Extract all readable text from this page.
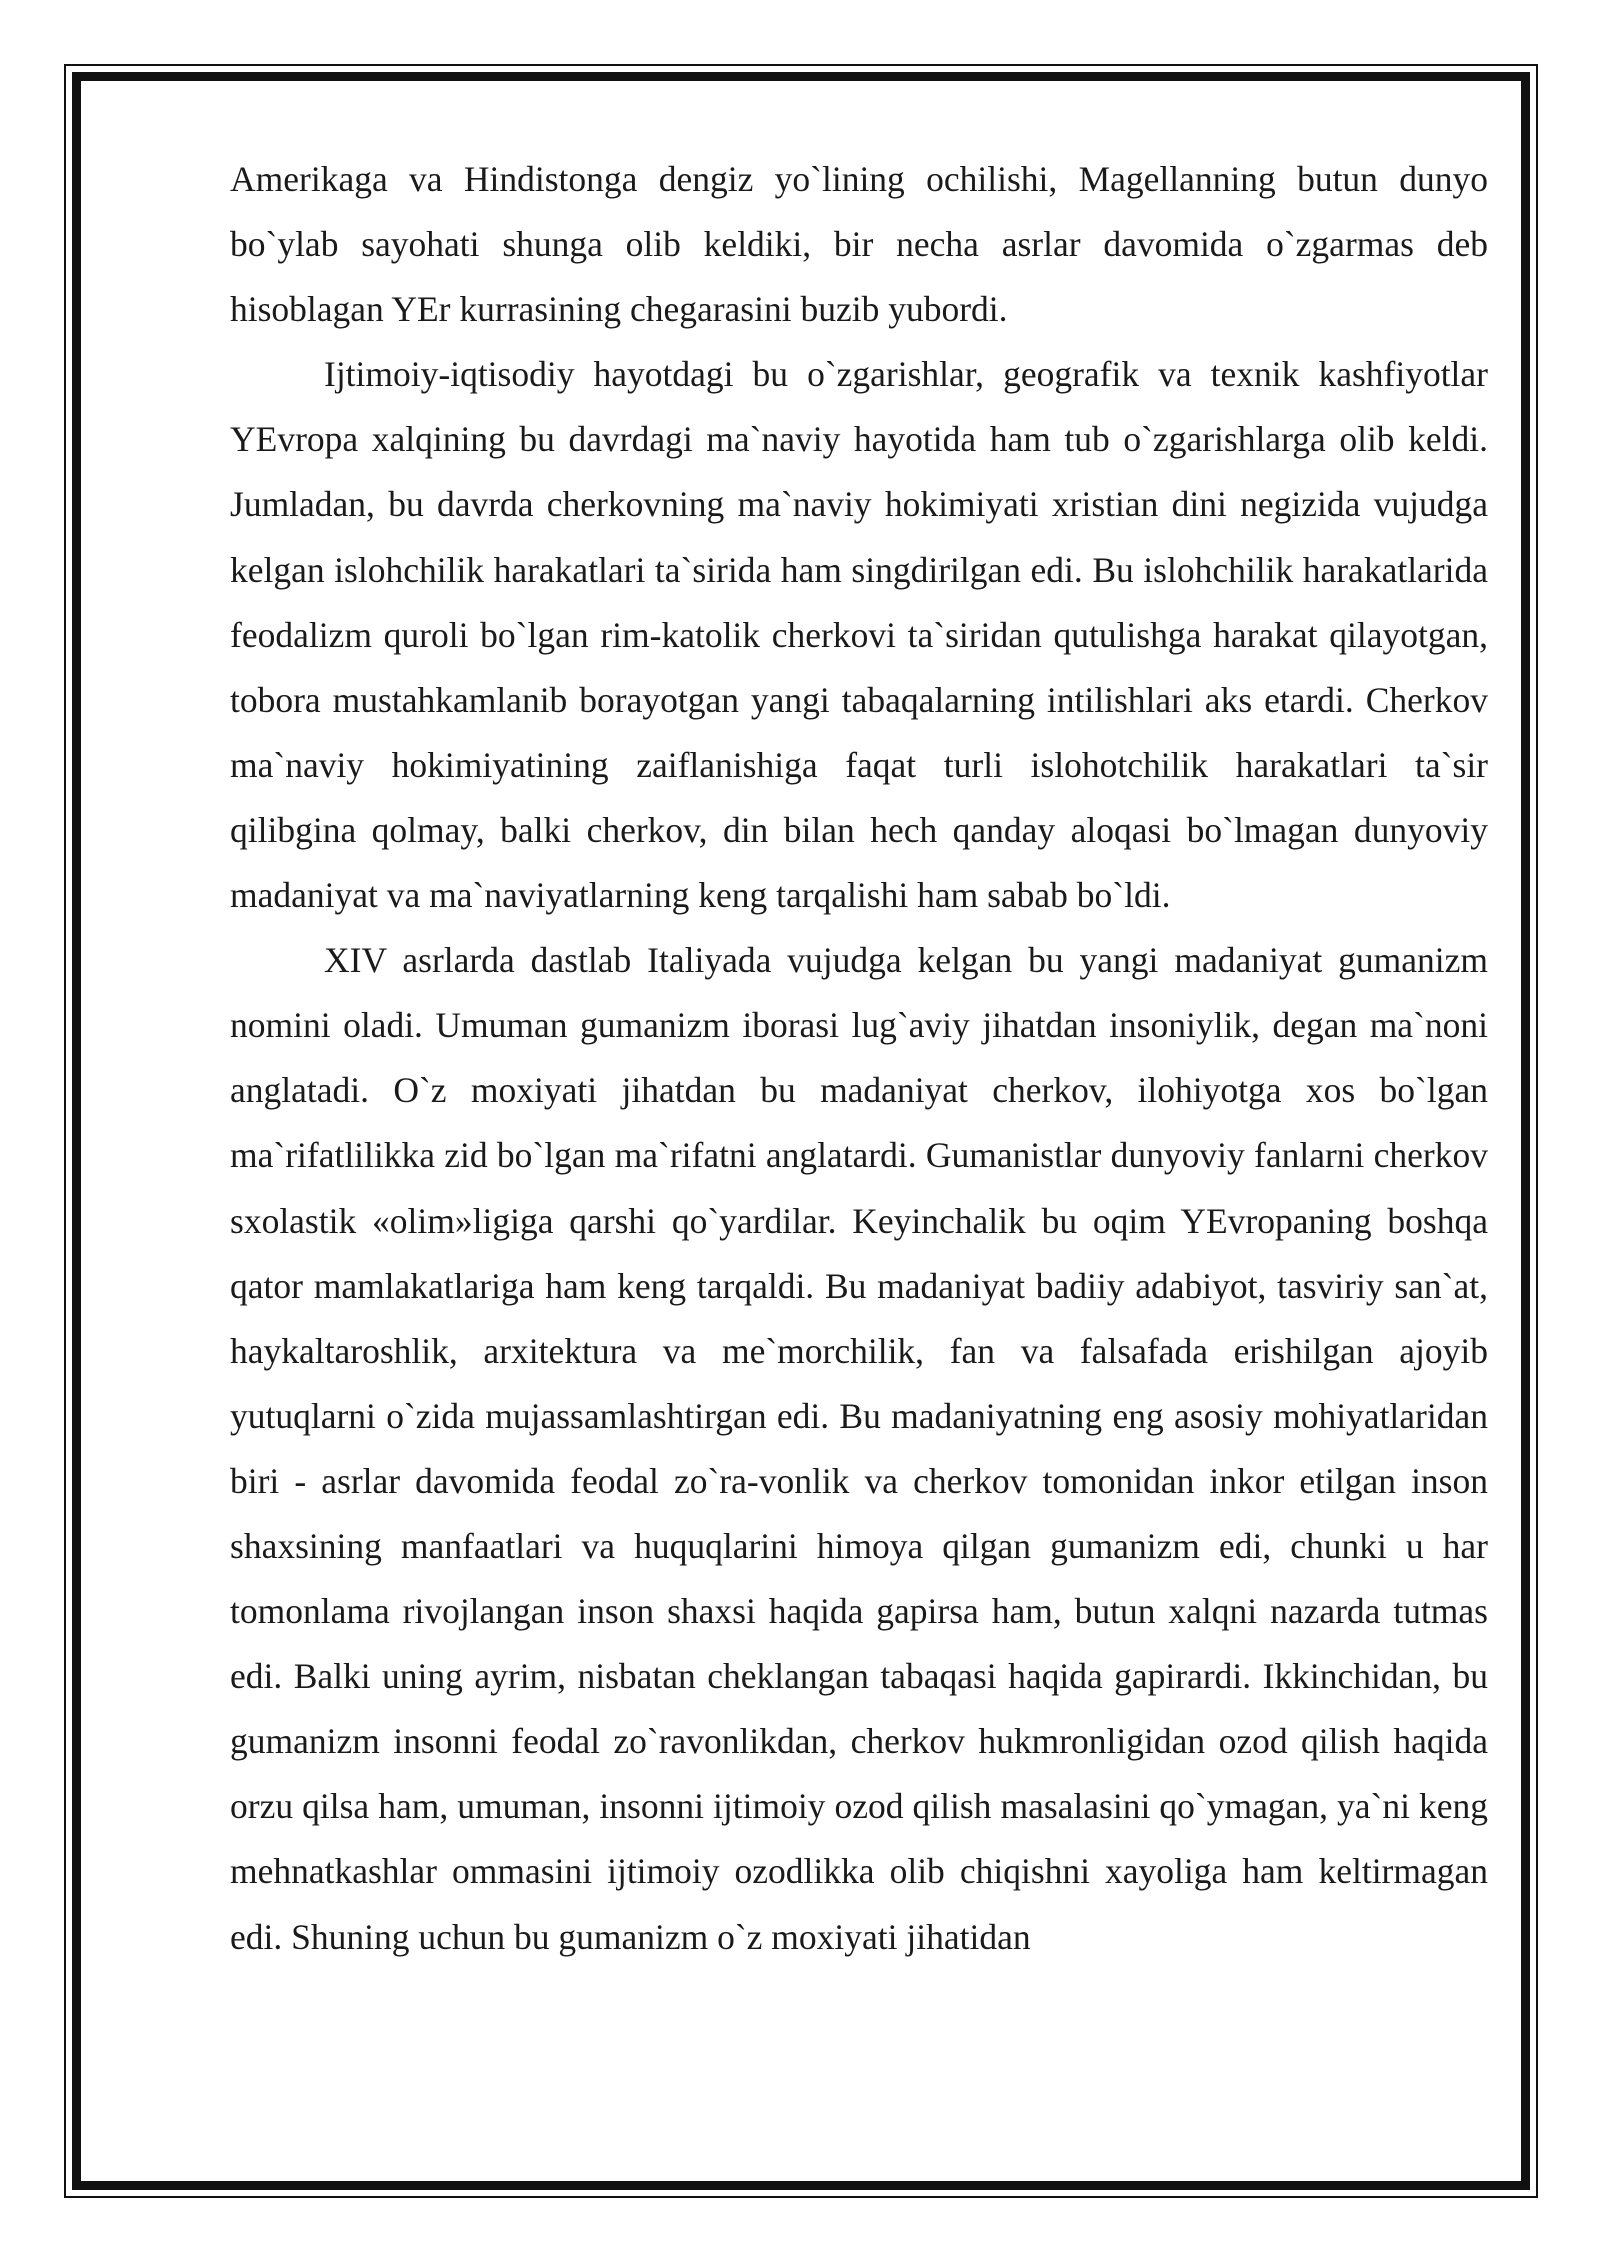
Amerikaga va Hindistonga dengiz yo`lining ochilishi, Magellanning butun dunyo bo`ylab sayohati shunga olib keldiki, bir necha asrlar davomida o`zgarmas deb hisoblagan YEr kurrasining chegarasini buzib yubordi.

Ijtimoiy-iqtisodiy hayotdagi bu o`zgarishlar, geografik va texnik kashfiyotlar YEvropa xalqining bu davrdagi ma`naviy hayotida ham tub o`zgarishlarga olib keldi. Jumladan, bu davrda cherkovning ma`naviy hokimiyati xristian dini negizida vujudga kelgan islohchilik harakatlari ta`sirida ham singdirilgan edi. Bu islohchilik harakatlarida feodalizm quroli bo`lgan rim-katolik cherkovi ta`siridan qutulishga harakat qilayotgan, tobora mustahkamlanib borayotgan yangi tabaqalarning intilishlari aks etardi. Cherkov ma`naviy hokimiyatining zaiflanishiga faqat turli islohotchilik harakatlari ta`sir qilibgina qolmay, balki cherkov, din bilan hech qanday aloqasi bo`lmagan dunyoviy madaniyat va ma`naviyatlarning keng tarqalishi ham sabab bo`ldi.

XIV asrlarda dastlab Italiyada vujudga kelgan bu yangi madaniyat gumanizm nomini oladi. Umuman gumanizm iborasi lug`aviy jihatdan insoniylik, degan ma`noni anglatadi. O`z moxiyati jihatdan bu madaniyat cherkov, ilohiyotga xos bo`lgan ma`rifatlilikka zid bo`lgan ma`rifatni anglatardi. Gumanistlar dunyoviy fanlarni cherkov sxolastik «olim»ligiga qarshi qo`yardilar. Keyinchalik bu oqim YEvropaning boshqa qator mamlakatlariga ham keng tarqaldi. Bu madaniyat badiiy adabiyot, tasviriy san`at, haykaltaroshlik, arxitektura va me`morchilik, fan va falsafada erishilgan ajoyib yutuqlarni o`zida mujassamlashtirgan edi. Bu madaniyatning eng asosiy mohiyatlaridan biri - asrlar davomida feodal zo`ra-vonlik va cherkov tomonidan inkor etilgan inson shaxsining manfaatlari va huquqlarini himoya qilgan gumanizm edi, chunki u har tomonlama rivojlangan inson shaxsi haqida gapirsa ham, butun xalqni nazarda tutmas edi. Balki uning ayrim, nisbatan cheklangan tabaqasi haqida gapirardi. Ikkinchidan, bu gumanizm insonni feodal zo`ravonlikdan, cherkov hukmronligidan ozod qilish haqida orzu qilsa ham, umuman, insonni ijtimoiy ozod qilish masalasini qo`ymagan, ya`ni keng mehnatkashlar ommasini ijtimoiy ozodlikka olib chiqishni xayoliga ham keltirmagan edi. Shuning uchun bu gumanizm o`z moxiyati jihatidan
